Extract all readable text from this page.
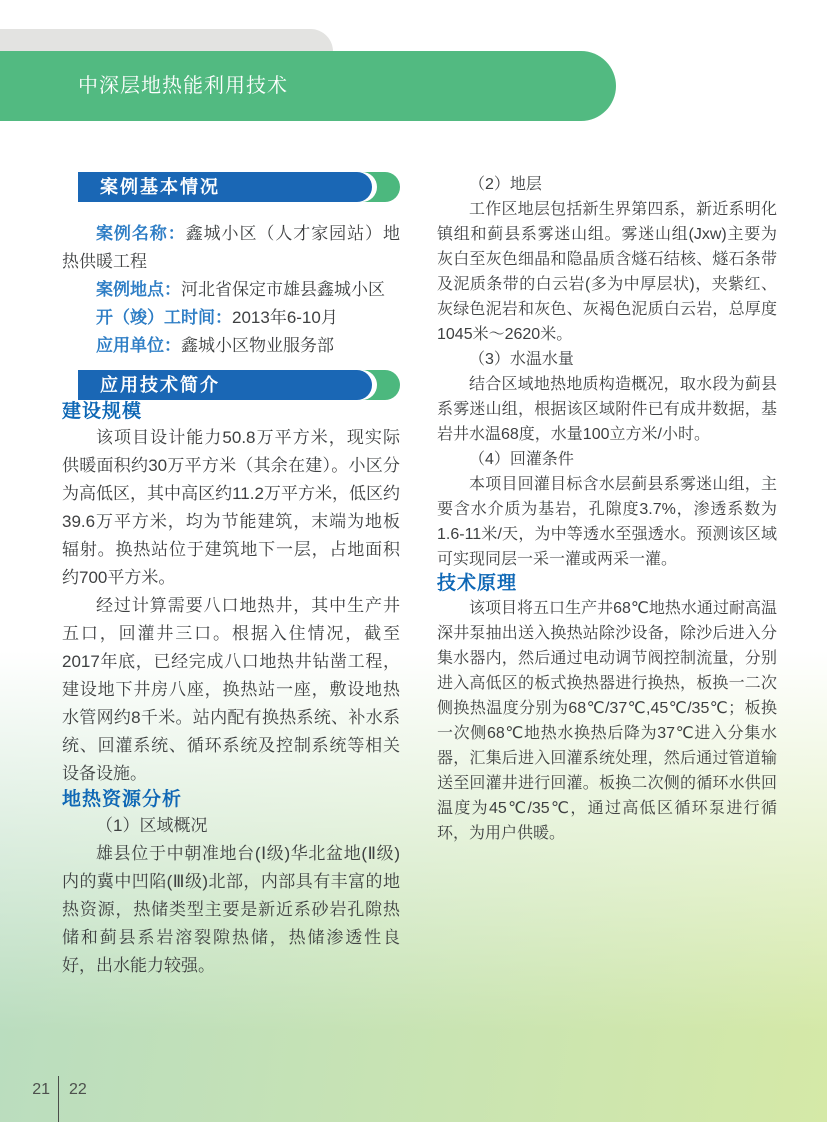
中深层地热能利用技术
案例基本情况

案例名称：鑫城小区（人才家园站）地热供暖工程

案例地点：河北省保定市雄县鑫城小区

开（竣）工时间：2013年6-10月

应用单位：鑫城小区物业服务部

应用技术简介
建设规模

该项目设计能力50.8万平方米，现实际供暖面积约30万平方米（其余在建）。小区分为高低区，其中高区约11.2万平方米，低区约39.6万平方米，均为节能建筑，末端为地板辐射。换热站位于建筑地下一层，占地面积约700平方米。

经过计算需要八口地热井，其中生产井五口，回灌井三口。根据入住情况，截至2017年底，已经完成八口地热井钻凿工程，建设地下井房八座，换热站一座，敷设地热水管网约8千米。站内配有换热系统、补水系统、回灌系统、循环系统及控制系统等相关设备设施。

地热资源分析

（1）区域概况

雄县位于中朝准地台(Ⅰ级)华北盆地(Ⅱ级)内的冀中凹陷(Ⅲ级)北部，内部具有丰富的地热资源，热储类型主要是新近系砂岩孔隙热储和蓟县系岩溶裂隙热储，热储渗透性良好，出水能力较强。

（2）地层

工作区地层包括新生界第四系，新近系明化镇组和蓟县系雾迷山组。雾迷山组(Jxw)主要为灰白至灰色细晶和隐晶质含燧石结核、燧石条带及泥质条带的白云岩(多为中厚层状)，夹紫红、灰绿色泥岩和灰色、灰褐色泥质白云岩，总厚度 1045米～2620米。

（3）水温水量

结合区域地热地质构造概况，取水段为蓟县系雾迷山组，根据该区域附件已有成井数据，基岩井水温68度，水量100立方米/小时。

（4）回灌条件

本项目回灌目标含水层蓟县系雾迷山组，主要含水介质为基岩，孔隙度3.7%，渗透系数为 1.6-11米/天，为中等透水至强透水。预测该区域可实现同层一采一灌或两采一灌。

技术原理

该项目将五口生产井68℃地热水通过耐高温深井泵抽出送入换热站除沙设备，除沙后进入分集水器内，然后通过电动调节阀控制流量，分别进入高低区的板式换热器进行换热，板换一二次侧换热温度分别为68℃/37℃,45℃/35℃；板换一次侧68℃地热水换热后降为37℃进入分集水器，汇集后进入回灌系统处理，然后通过管道输送至回灌井进行回灌。板换二次侧的循环水供回温度为45℃/35℃，通过高低区循环泵进行循环，为用户供暖。

21 22
